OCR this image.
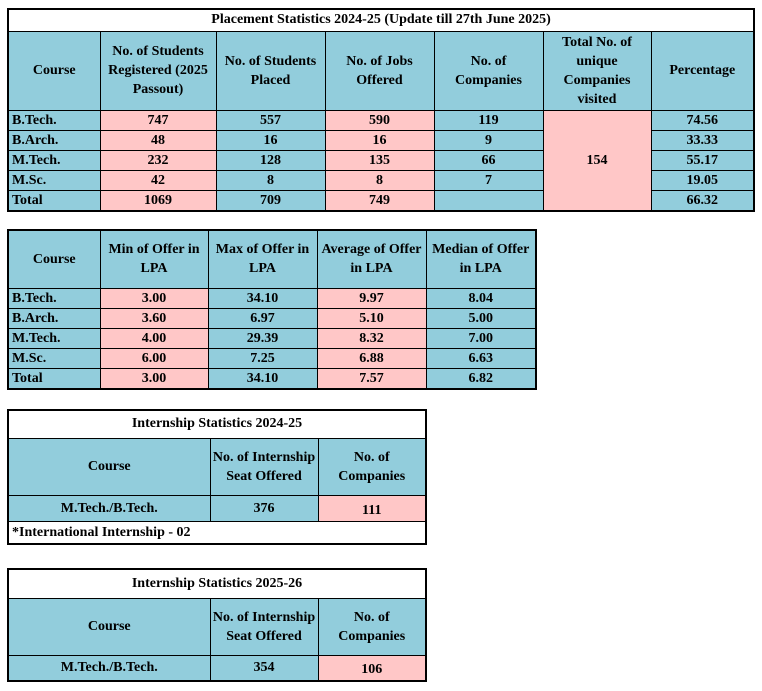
Placement Statistics 2024-25 (Update till 27th June 2025)						
Course	No. of Students Registered (2025 Passout)	No. of Students Placed	No. of Jobs Offered	No. of Companies	Total No. of unique Companies visited	Percentage
B.Tech.	747	557	590	119	154	74.56
B.Arch.	48	16	16	9		33.33
M.Tech.	232	128	135	66		55.17
M.Sc.	42	8	8	7		19.05
Total	1069	709	749			66.32
Course	Min of Offer in LPA	Max of Offer in LPA	Average of Offer in LPA	Median of Offer in LPA
B.Tech.	3.00	34.10	9.97	8.04
B.Arch.	3.60	6.97	5.10	5.00
M.Tech.	4.00	29.39	8.32	7.00
M.Sc.	6.00	7.25	6.88	6.63
Total	3.00	34.10	7.57	6.82
Internship Statistics 2024-25		
Course	No. of Internship Seat Offered	No. of Companies
M.Tech./B.Tech.	376	111
*International Internship - 02		
Internship Statistics 2025-26		
Course	No. of Internship Seat Offered	No. of Companies
M.Tech./B.Tech.	354	106
